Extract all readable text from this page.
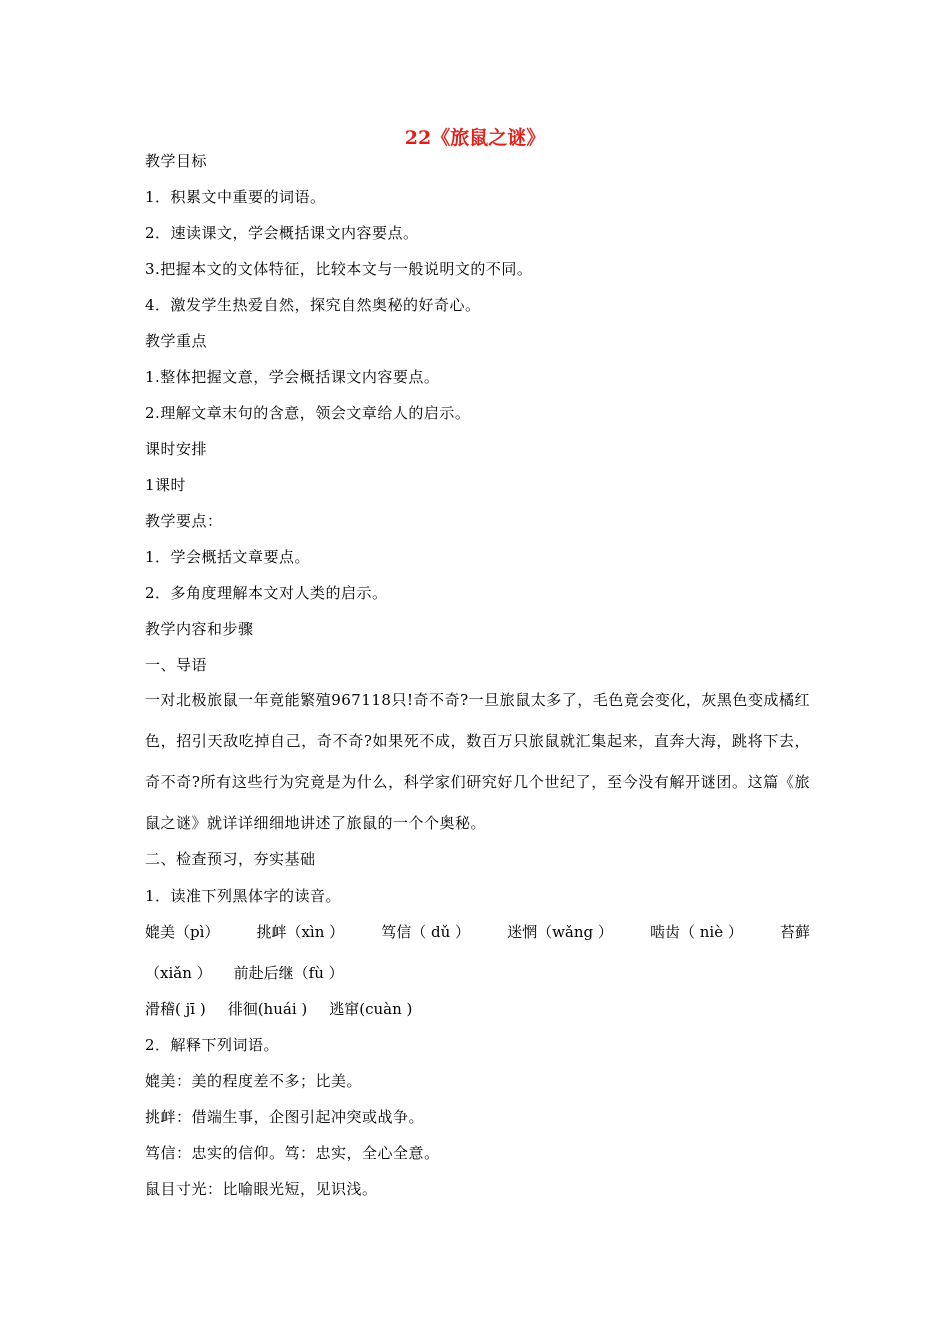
22《旅鼠之谜》
教学目标
1．积累文中重要的词语。
2．速读课文，学会概括课文内容要点。
3.把握本文的文体特征，比较本文与一般说明文的不同。
4．激发学生热爱自然，探究自然奥秘的好奇心。
教学重点
1.整体把握文意，学会概括课文内容要点。
2.理解文章末句的含意，领会文章给人的启示。
课时安排
1课时
教学要点：
1．学会概括文章要点。
2．多角度理解本文对人类的启示。
教学内容和步骤
一、导语
一对北极旅鼠一年竟能繁殖967118只!奇不奇?一旦旅鼠太多了，毛色竟会变化，灰黑色变成橘红色，招引天敌吃掉自己，奇不奇?如果死不成，数百万只旅鼠就汇集起来，直奔大海，跳将下去，奇不奇?所有这些行为究竟是为什么，科学家们研究好几个世纪了，至今没有解开谜团。这篇《旅鼠之谜》就详详细细地讲述了旅鼠的一个个奥秘。
二、检查预习，夯实基础
1．读准下列黑体字的读音。
媲美（pì） 挑衅（xìn ） 笃信（ dǔ ） 迷惘（wǎng ） 啮齿（ niè ） 苔藓
（xiǎn ） 前赴后继（fù ）
滑稽( jī ) 徘徊(huái ) 逃窜(cuàn )
2．解释下列词语。
媲美：美的程度差不多；比美。
挑衅：借端生事，企图引起冲突或战争。
笃信：忠实的信仰。笃：忠实，全心全意。
鼠目寸光：比喻眼光短，见识浅。
